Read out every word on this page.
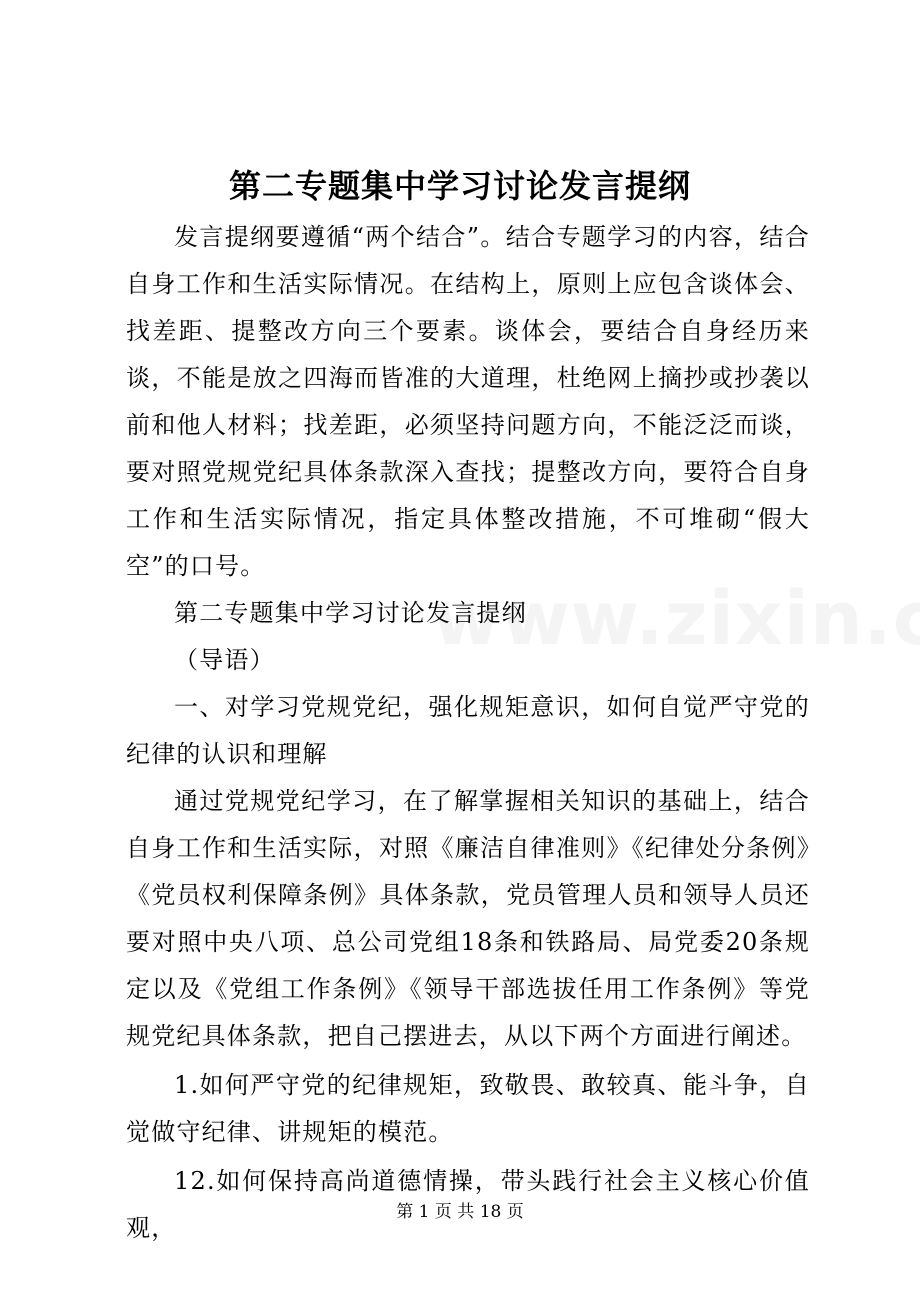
第二专题集中学习讨论发言提纲

发言提纲要遵循“两个结合”。结合专题学习的内容，结合自身工作和生活实际情况。在结构上，原则上应包含谈体会、找差距、提整改方向三个要素。谈体会，要结合自身经历来谈，不能是放之四海而皆准的大道理，杜绝网上摘抄或抄袭以前和他人材料；找差距，必须坚持问题方向，不能泛泛而谈，要对照党规党纪具体条款深入查找；提整改方向，要符合自身工作和生活实际情况，指定具体整改措施，不可堆砌“假大空”的口号。

第二专题集中学习讨论发言提纲

（导语）

一、对学习党规党纪，强化规矩意识，如何自觉严守党的纪律的认识和理解

通过党规党纪学习，在了解掌握相关知识的基础上，结合自身工作和生活实际，对照《廉洁自律准则》《纪律处分条例》《党员权利保障条例》具体条款，党员管理人员和领导人员还要对照中央八项、总公司党组18条和铁路局、局党委20条规定以及《党组工作条例》《领导干部选拔任用工作条例》等党规党纪具体条款，把自己摆进去，从以下两个方面进行阐述。

1.如何严守党的纪律规矩，致敬畏、敢较真、能斗争，自觉做守纪律、讲规矩的模范。

12.如何保持高尚道德情操，带头践行社会主义核心价值观，

第 1 页 共 18 页
